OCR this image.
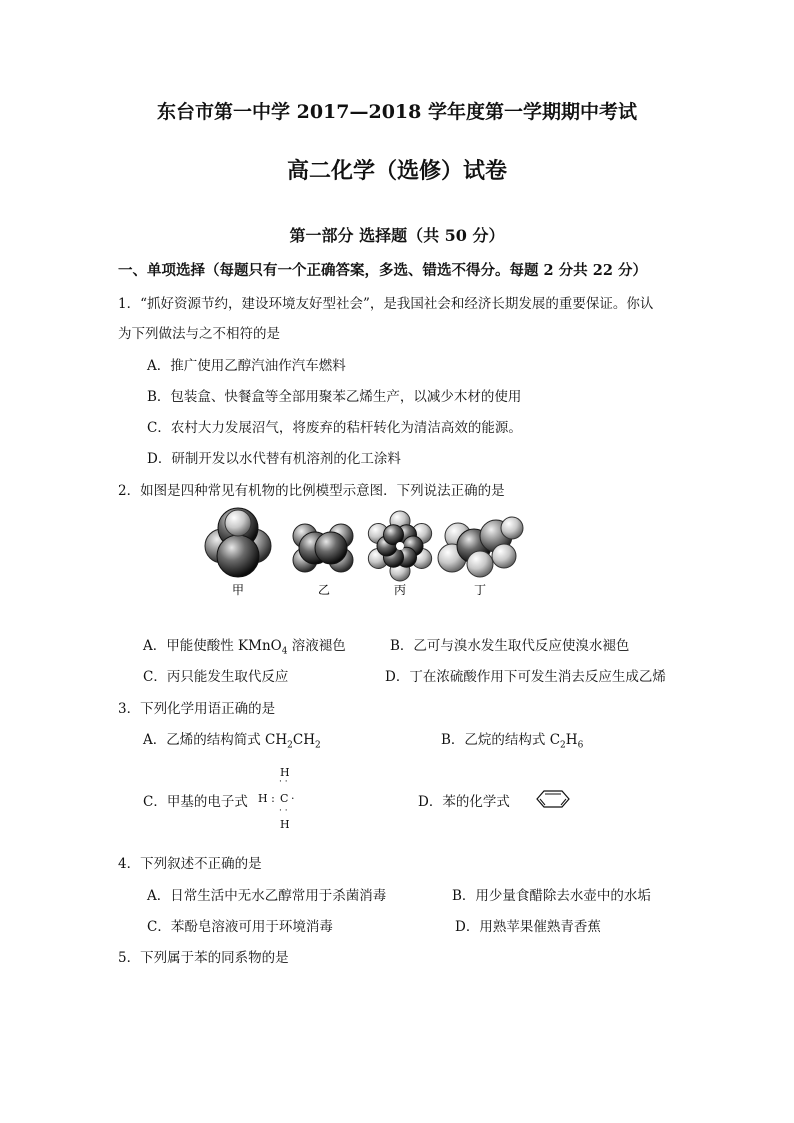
东台市第一中学 2017—2018 学年度第一学期期中考试
高二化学（选修）试卷
第一部分 选择题（共 50 分）
一、单项选择（每题只有一个正确答案，多选、错选不得分。每题 2 分共 22 分）
1．“抓好资源节约，建设环境友好型社会”，是我国社会和经济长期发展的重要保证。你认
为下列做法与之不相符的是
A．推广使用乙醇汽油作汽车燃料
B．包装盒、快餐盒等全部用聚苯乙烯生产，以减少木材的使用
C．农村大力发展沼气，将废弃的秸杆转化为清洁高效的能源。
D．研制开发以水代替有机溶剂的化工涂料
2．如图是四种常见有机物的比例模型示意图．下列说法正确的是
甲	乙	丙	丁
A．甲能使酸性 KMnO$_4$ 溶液褪色	B．乙可与溴水发生取代反应使溴水褪色
C．丙只能发生取代反应	D．丁在浓硫酸作用下可发生消去反应生成乙烯
3．下列化学用语正确的是
A．乙烯的结构简式 $CH_2CH_2$	B．乙烷的结构式 $C_2H_6$
C．甲基的电子式
H
· ·
H : C ·
· ·
H
D．苯的化学式
4．下列叙述不正确的是
A．日常生活中无水乙醇常用于杀菌消毒	B．用少量食醋除去水壶中的水垢
C．苯酚皂溶液可用于环境消毒	D．用熟苹果催熟青香蕉
5．下列属于苯的同系物的是
